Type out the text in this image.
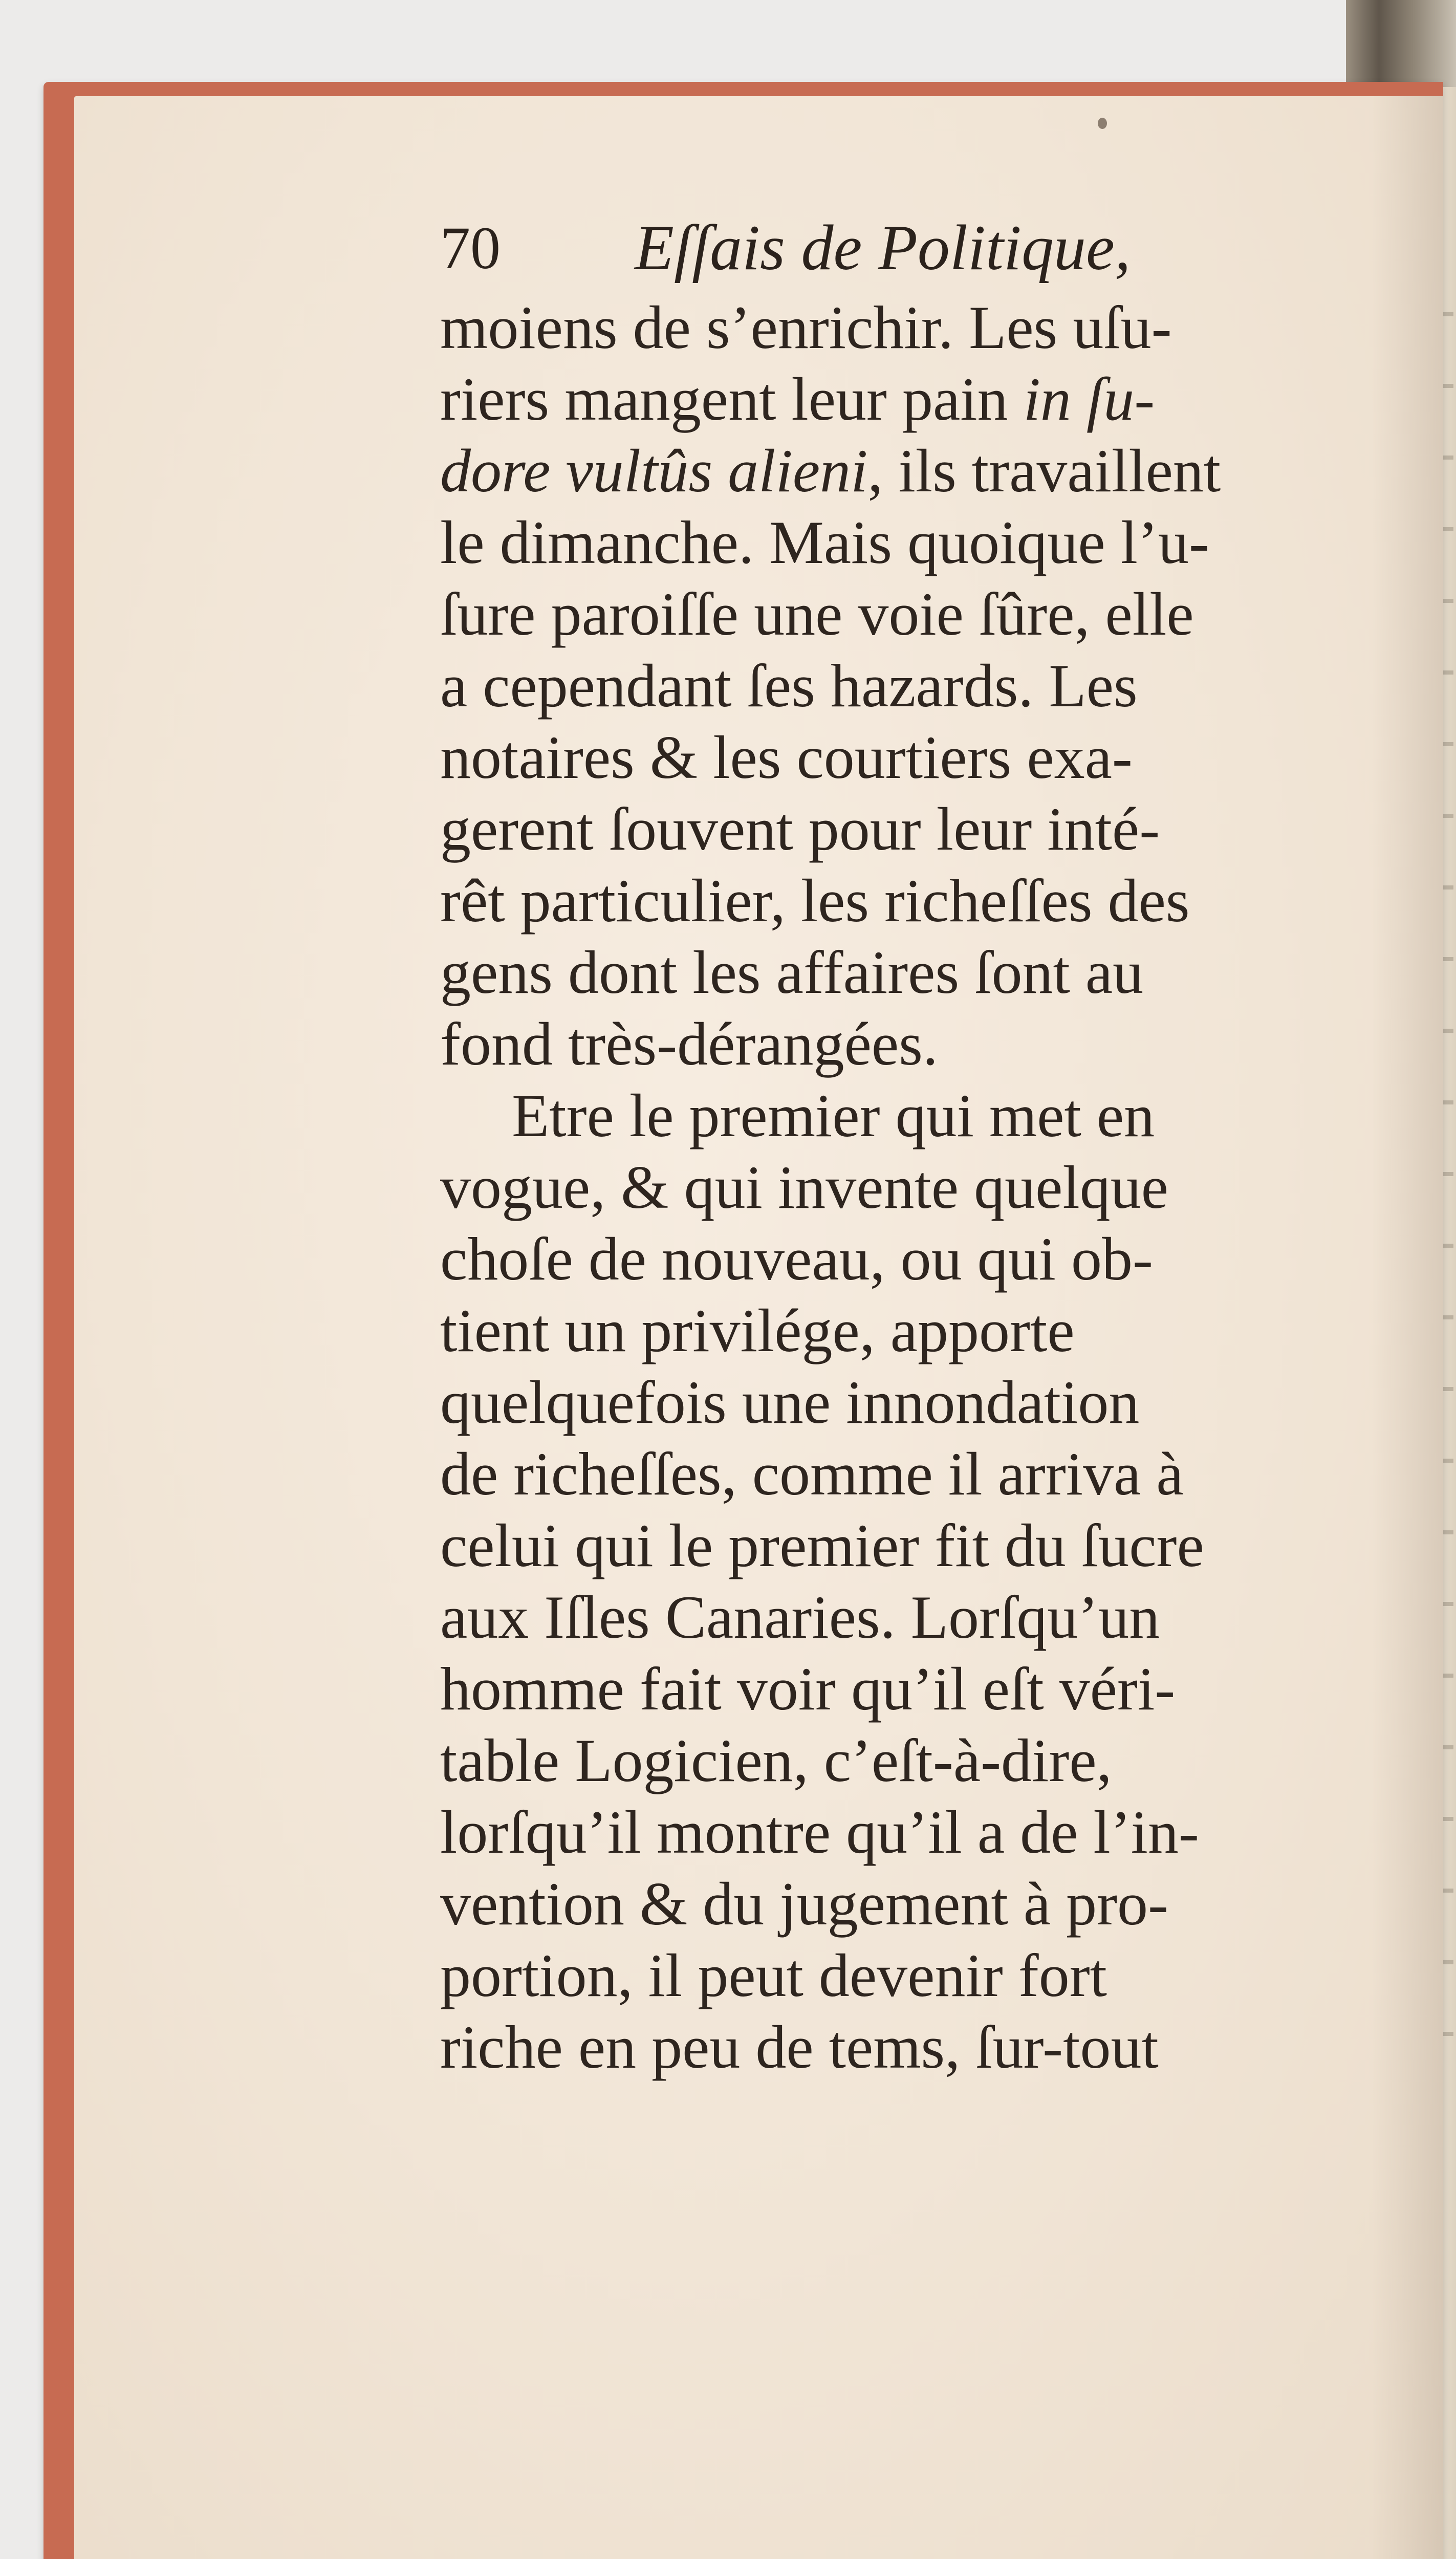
70 Eſſais de Politique,
moiens de s’enrichir. Les uſu-
riers mangent leur pain in ſu-
dore vultûs alieni, ils travaillent
le dimanche. Mais quoique l’u-
ſure paroiſſe une voie ſûre, elle
a cependant ſes hazards. Les
notaires & les courtiers exa-
gerent ſouvent pour leur inté-
rêt particulier, les richeſſes des
gens dont les affaires ſont au
fond très-dérangées.
Etre le premier qui met en
vogue, & qui invente quelque
choſe de nouveau, ou qui ob-
tient un privilége, apporte
quelquefois une innondation
de richeſſes, comme il arriva à
celui qui le premier fit du ſucre
aux Iſles Canaries. Lorſqu’un
homme fait voir qu’il eſt véri-
table Logicien, c’eſt-à-dire,
lorſqu’il montre qu’il a de l’in-
vention & du jugement à pro-
portion, il peut devenir fort
riche en peu de tems, ſur-tout
